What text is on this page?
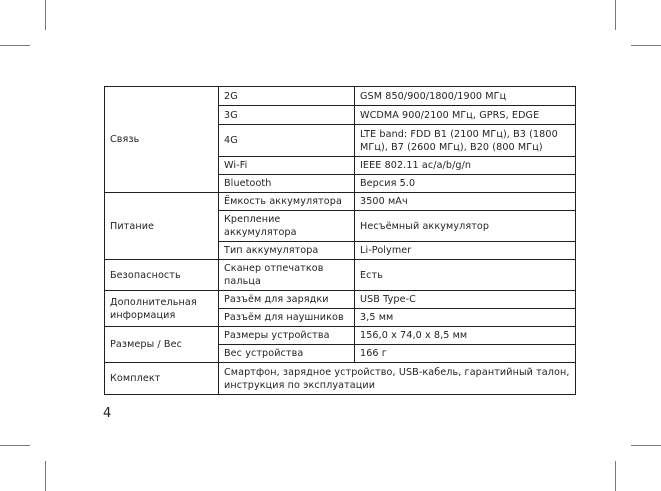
Связь	2G	GSM 850/900/1800/1900 МГц
	3G	WCDMA 900/2100 МГц, GPRS, EDGE
	4G	LTE band: FDD B1 (2100 МГц), B3 (1800 МГц), B7 (2600 МГц), B20 (800 МГц)
	Wi-Fi	IEEE 802.11 ac/a/b/g/n
	Bluetooth	Версия 5.0
Питание	Ёмкость аккумулятора	3500 мАч
	Крепление аккумулятора	Несъёмный аккумулятор
	Тип аккумулятора	Li-Polymer
Безопасность	Сканер отпечатков пальца	Есть
Дополнительная информация	Разъём для зарядки	USB Type-C
	Разъём для наушников	3,5 мм
Размеры / Вес	Размеры устройства	156,0 x 74,0 x 8,5 мм
	Вес устройства	166 г
Комплект	Смартфон, зарядное устройство, USB-кабель, гарантийный талон, инструкция по эксплуатации	
4
